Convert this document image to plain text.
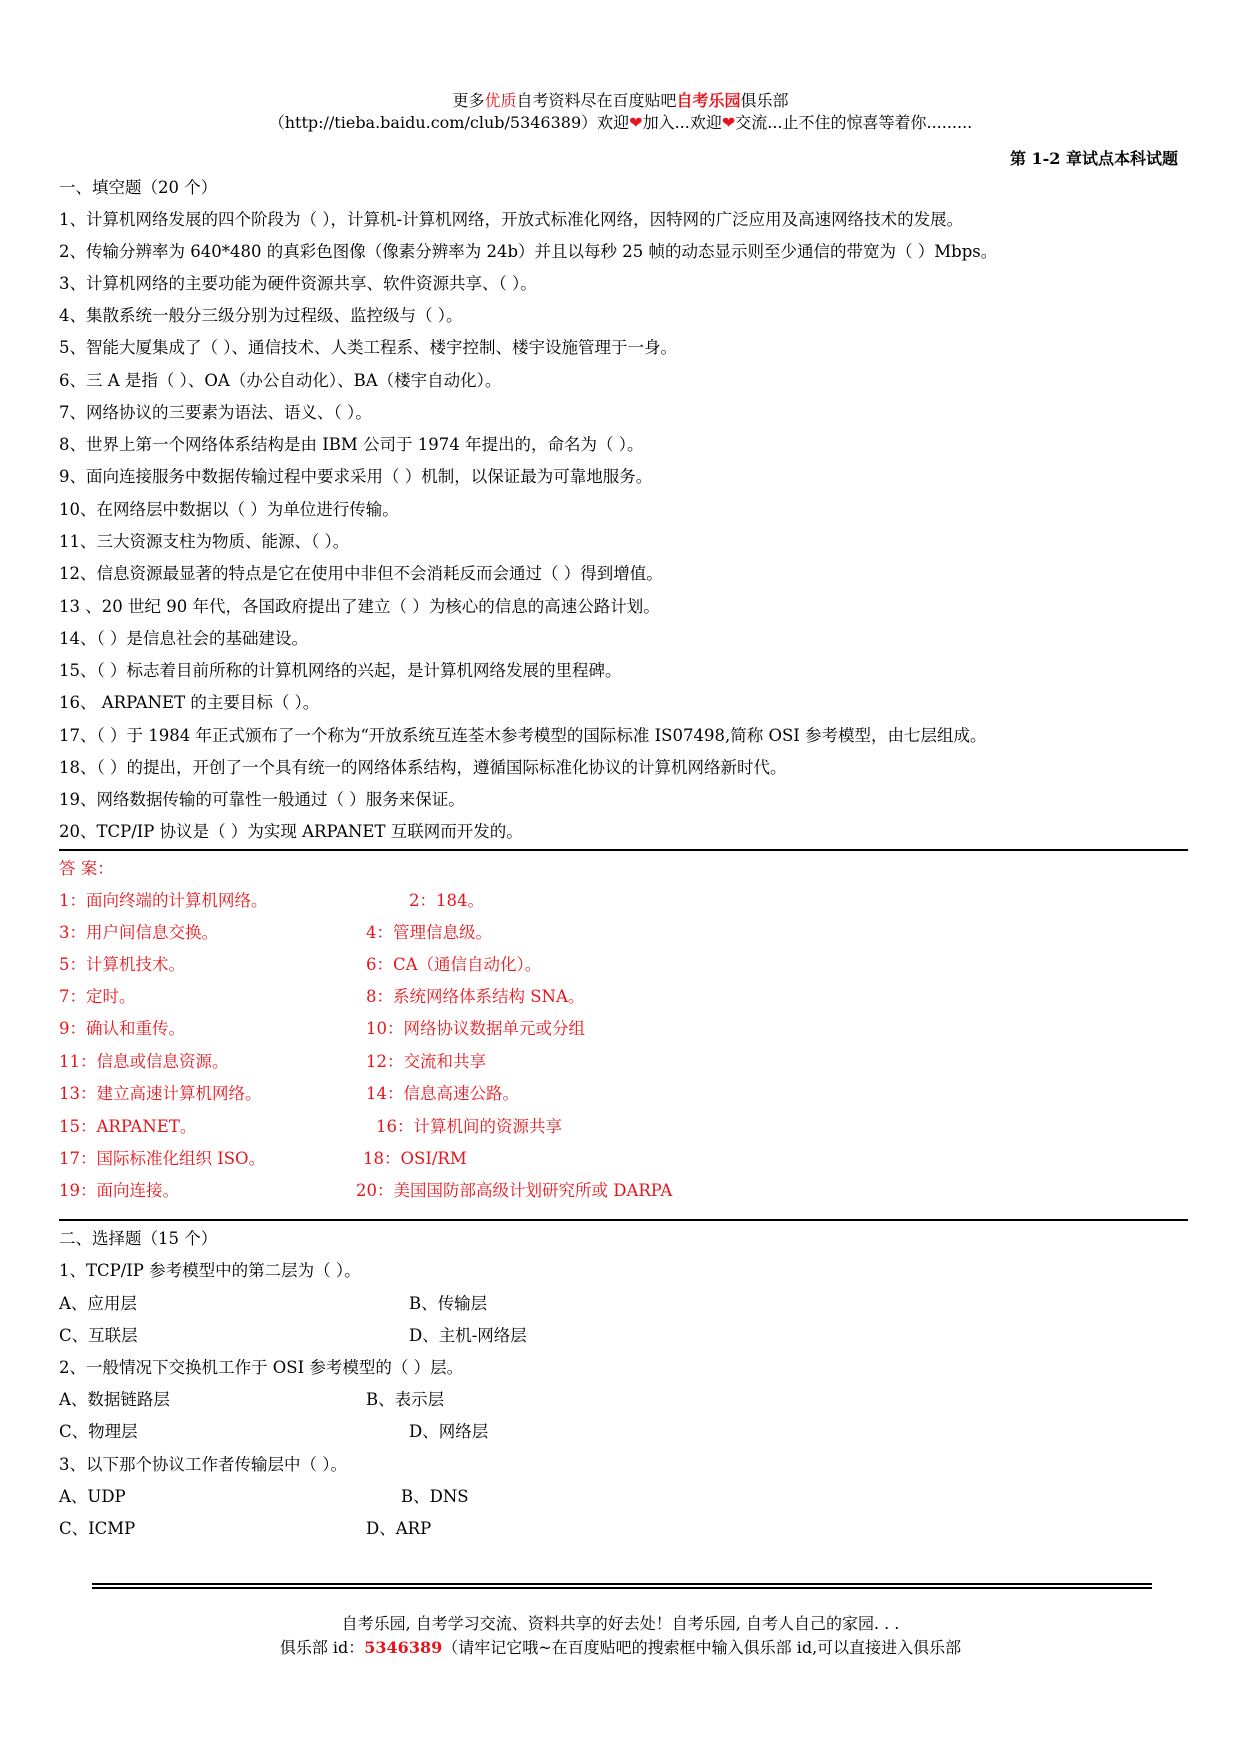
更多优质自考资料尽在百度贴吧自考乐园俱乐部
（http://tieba.baidu.com/club/5346389）欢迎❤加入...欢迎❤交流...止不住的惊喜等着你.........
第 1-2 章试点本科试题
一、填空题（20 个）
1、计算机网络发展的四个阶段为（ ），计算机-计算机网络，开放式标准化网络，因特网的广泛应用及高速网络技术的发展。
2、传输分辨率为 640*480 的真彩色图像（像素分辨率为 24b）并且以每秒 25 帧的动态显示则至少通信的带宽为（ ）Mbps。
3、计算机网络的主要功能为硬件资源共享、软件资源共享、（ ）。
4、集散系统一般分三级分别为过程级、监控级与（ ）。
5、智能大厦集成了（ ）、通信技术、人类工程系、楼宇控制、楼宇设施管理于一身。
6、三 A 是指（ ）、OA（办公自动化）、BA（楼宇自动化）。
7、网络协议的三要素为语法、语义、（ ）。
8、世界上第一个网络体系结构是由 IBM 公司于 1974 年提出的，命名为（ ）。
9、面向连接服务中数据传输过程中要求采用（ ）机制，以保证最为可靠地服务。
10、在网络层中数据以（ ）为单位进行传输。
11、三大资源支柱为物质、能源、（ ）。
12、信息资源最显著的特点是它在使用中非但不会消耗反而会通过（ ）得到增值。
13 、20 世纪 90 年代，各国政府提出了建立（ ）为核心的信息的高速公路计划。
14、（ ）是信息社会的基础建设。
15、（ ）标志着目前所称的计算机网络的兴起，是计算机网络发展的里程碑。
16、 ARPANET 的主要目标（ ）。
17、（ ）于 1984 年正式颁布了一个称为“开放系统互连荃木参考模型的国际标准 IS07498,简称 OSI 参考模型，由七层组成。
18、（ ）的提出，开创了一个具有统一的网络体系结构，遵循国际标准化协议的计算机网络新时代。
19、网络数据传输的可靠性一般通过（ ）服务来保证。
20、TCP/IP 协议是（ ）为实现 ARPANET 互联网而开发的。
答 案：
1：面向终端的计算机网络。	2：184。
3：用户间信息交换。	4：管理信息级。
5：计算机技术。	6：CA（通信自动化）。
7：定时。	8：系统网络体系结构 SNA。
9：确认和重传。	10：网络协议数据单元或分组
11：信息或信息资源。	12：交流和共享
13：建立高速计算机网络。	14：信息高速公路。
15：ARPANET。	16：计算机间的资源共享
17：国际标准化组织 ISO。	18：OSI/RM
19：面向连接。	20：美国国防部高级计划研究所或 DARPA
二、选择题（15 个）
1、TCP/IP 参考模型中的第二层为（ ）。
A、应用层	B、传输层
C、互联层	D、主机-网络层
2、一般情况下交换机工作于 OSI 参考模型的（ ）层。
A、数据链路层	B、表示层
C、物理层	D、网络层
3、以下那个协议工作者传输层中（ ）。
A、UDP	B、DNS
C、ICMP	D、ARP
自考乐园, 自考学习交流、资料共享的好去处！自考乐园, 自考人自己的家园. . .
俱乐部 id：5346389（请牢记它哦~在百度贴吧的搜索框中输入俱乐部 id,可以直接进入俱乐部
